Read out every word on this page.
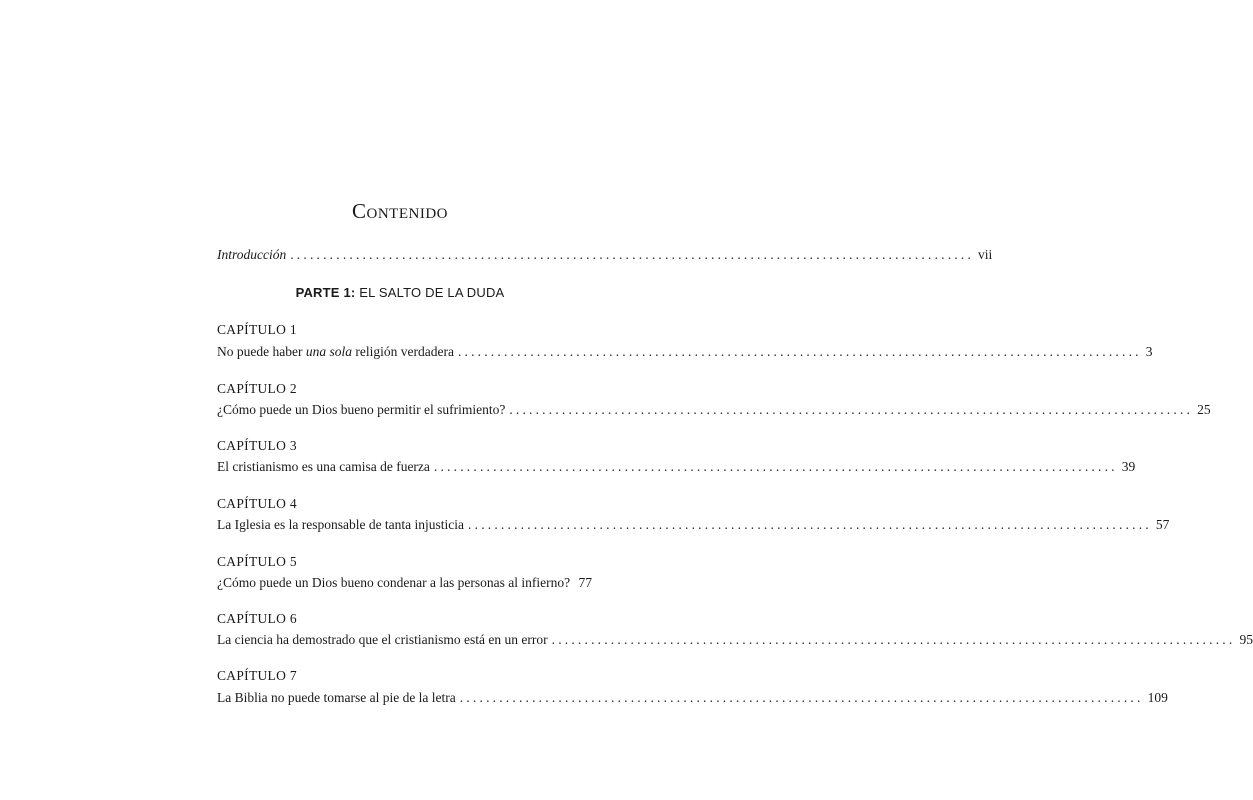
Contenido
Introducción ........................................................................................................ vii
PARTE 1: EL SALTO DE LA DUDA
CAPÍTULO 1
No puede haber una sola religión verdadera ........................................................................................................ 3
CAPÍTULO 2
¿Cómo puede un Dios bueno permitir el sufrimiento? ........................................................................................................ 25
CAPÍTULO 3
El cristianismo es una camisa de fuerza ........................................................................................................ 39
CAPÍTULO 4
La Iglesia es la responsable de tanta injusticia ........................................................................................................ 57
CAPÍTULO 5
¿Cómo puede un Dios bueno condenar a las personas al infierno? 77
CAPÍTULO 6
La ciencia ha demostrado que el cristianismo está en un error ........................................................................................................ 95
CAPÍTULO 7
La Biblia no puede tomarse al pie de la letra ........................................................................................................ 109
